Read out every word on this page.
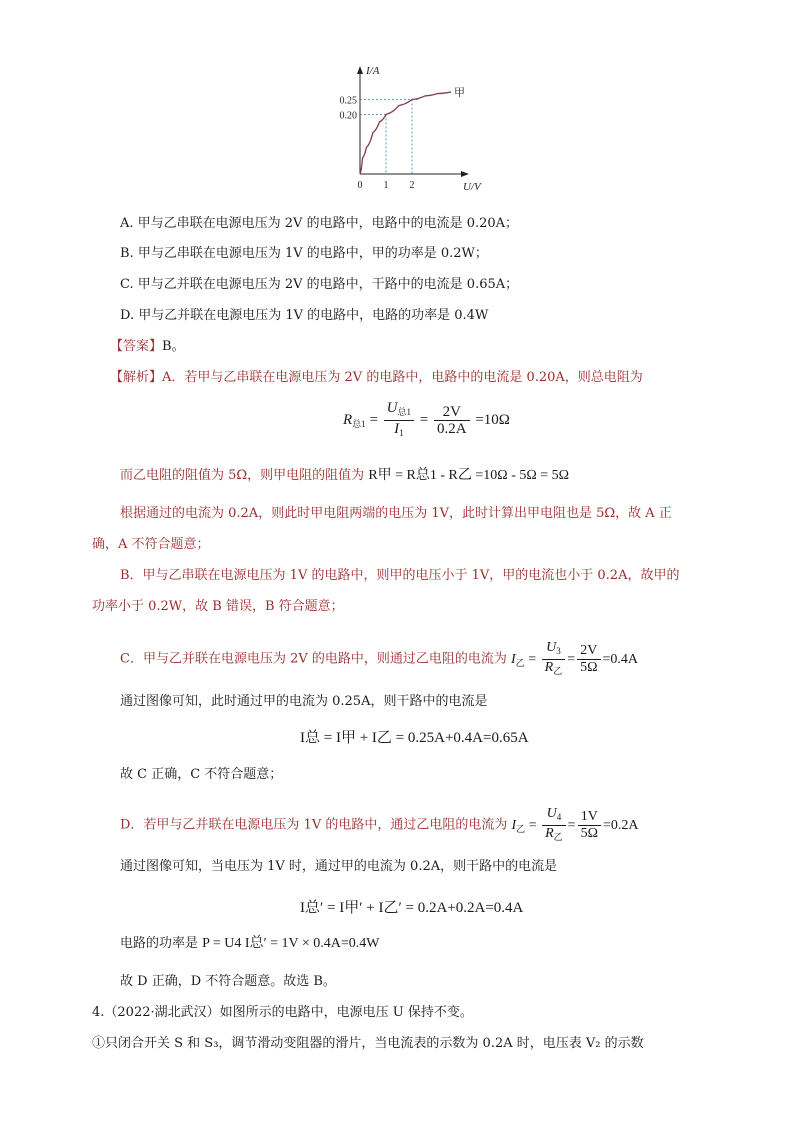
甲
0 1 2
0.20
0.25
I/A
U/V
A. 甲与乙串联在电源电压为 2V 的电路中，电路中的电流是 0.20A；
B. 甲与乙串联在电源电压为 1V 的电路中，甲的功率是 0.2W；
C. 甲与乙并联在电源电压为 2V 的电路中，干路中的电流是 0.65A；
D. 甲与乙并联在电源电压为 1V 的电路中，电路的功率是 0.4W
【答案】B。
【解析】A．若甲与乙串联在电源电压为 2V 的电路中，电路中的电流是 0.20A，则总电阻为
$R_{总1} = \frac{U_{总1}}{I_1} = \frac{2V}{0.2A} =10\Omega$
而乙电阻的阻值为 5Ω，则甲电阻的阻值为 R甲 = R总1 - R乙 =10Ω - 5Ω = 5Ω
根据通过的电流为 0.2A，则此时甲电阻两端的电压为 1V，此时计算出甲电阻也是 5Ω，故 A 正
确，A 不符合题意；
B．甲与乙串联在电源电压为 1V 的电路中，则甲的电压小于 1V，甲的电流也小于 0.2A，故甲的
功率小于 0.2W，故 B 错误，B 符合题意；
C．甲与乙并联在电源电压为 2V 的电路中，则通过乙电阻的电流为 $I_乙 = \frac{U_3}{R_乙} = \frac{2V}{5\Omega} =0.4A$
通过图像可知，此时通过甲的电流为 0.25A，则干路中的电流是
I总 = I甲 + I乙 = 0.25A+0.4A=0.65A
故 C 正确，C 不符合题意；
D．若甲与乙并联在电源电压为 1V 的电路中，通过乙电阻的电流为 $I_乙 = \frac{U_4}{R_乙} = \frac{1V}{5\Omega} =0.2A$
通过图像可知，当电压为 1V 时，通过甲的电流为 0.2A，则干路中的电流是
I总′ = I甲′ + I乙′ = 0.2A+0.2A=0.4A
电路的功率是 P = U4 I总′ = 1V × 0.4A=0.4W
故 D 正确，D 不符合题意。故选 B。
4.（2022·湖北武汉）如图所示的电路中，电源电压 U 保持不变。
①只闭合开关 S 和 S₃，调节滑动变阻器的滑片，当电流表的示数为 0.2A 时，电压表 V₂ 的示数
